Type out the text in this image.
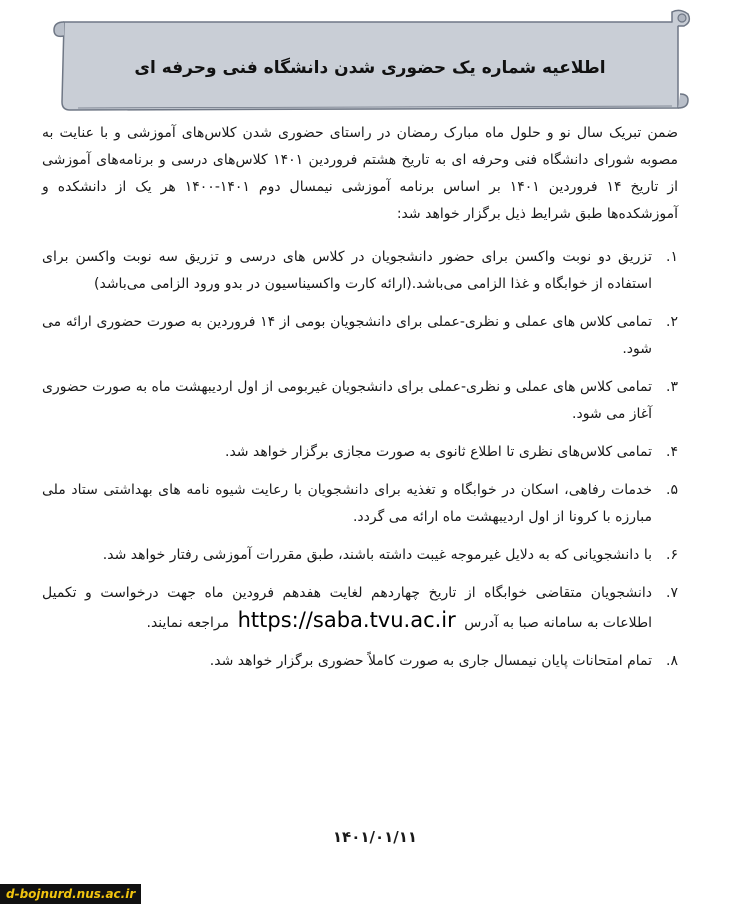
اطلاعیه شماره یک حضوری شدن دانشگاه فنی وحرفه ای

ضمن تبریک سال نو و حلول ماه مبارک رمضان در راستای حضوری شدن کلاس‌های آموزشی و با عنایت به مصوبه شورای دانشگاه فنی وحرفه ای به تاریخ هشتم فروردین ۱۴۰۱ کلاس‌های درسی و برنامه‌های آموزشی از تاریخ ۱۴ فروردین ۱۴۰۱ بر اساس برنامه آموزشی نیمسال دوم ۱۴۰۱-۱۴۰۰ هر یک از دانشکده و آموزشکده‌ها طبق شرایط ذیل برگزار خواهد شد:

۱.
تزریق دو نوبت واکسن برای حضور دانشجویان در کلاس های درسی و تزریق سه نوبت واکسن برای استفاده از خوابگاه و غذا الزامی می‌باشد.(ارائه کارت واکسیناسیون در بدو ورود الزامی می‌باشد)
۲.
تمامی کلاس های عملی و نظری-عملی برای دانشجویان بومی از ۱۴ فروردین به صورت حضوری ارائه می شود.
۳.
تمامی کلاس های عملی و نظری-عملی برای دانشجویان غیربومی از اول اردیبهشت ماه به صورت حضوری آغاز می شود.
۴.
تمامی کلاس‌های نظری تا اطلاع ثانوی به صورت مجازی برگزار خواهد شد.
۵.
خدمات رفاهی، اسکان در خوابگاه و تغذیه برای دانشجویان با رعایت شیوه نامه های بهداشتی ستاد ملی مبارزه با کرونا از اول اردیبهشت ماه ارائه می گردد.
۶.
با دانشجویانی که به دلایل غیرموجه غیبت داشته باشند، طبق مقررات آموزشی رفتار خواهد شد.
۷.
دانشجویان متقاضی خوابگاه از تاریخ چهاردهم لغایت هفدهم فرودین ماه جهت درخواست و تکمیل اطلاعات به سامانه صبا به آدرس https://saba.tvu.ac.ir مراجعه نمایند.
۸.
تمام امتحانات پایان نیمسال جاری به صورت کاملاً حضوری برگزار خواهد شد.
۱۴۰۱/۰۱/۱۱
d-bojnurd.nus.ac.ir
